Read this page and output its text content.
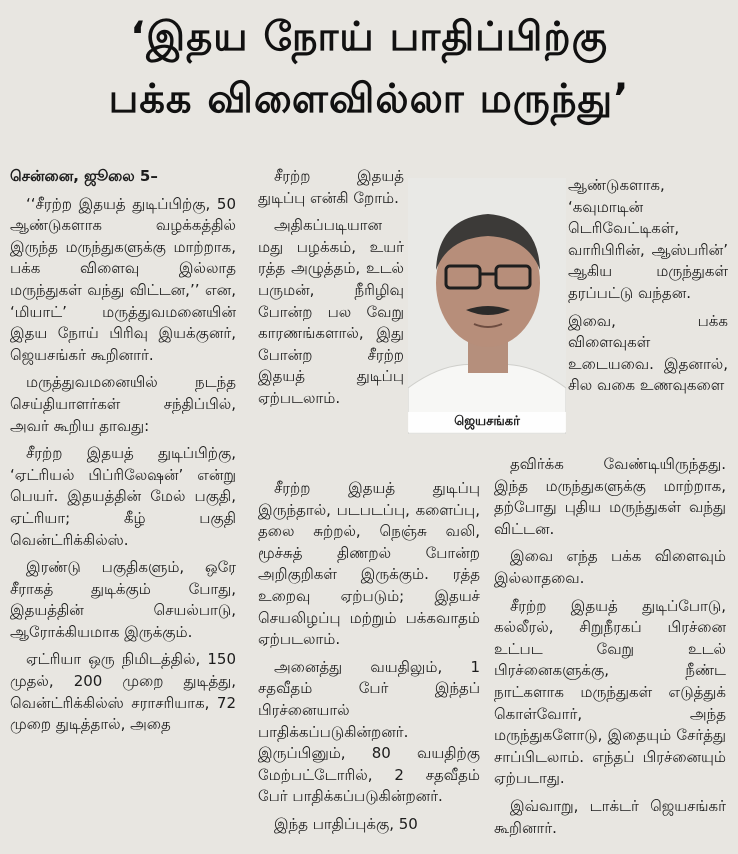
‘இதய நோய் பாதிப்பிற்கு
பக்க விளைவில்லா மருந்து’

சென்னை, ஜூலை 5–

‘‘சீரற்ற இதயத் துடிப்பிற்கு, 50 ஆண்டுகளாக வழக்கத்தில் இருந்த மருந்துகளுக்கு மாற்றாக, பக்க விளைவு இல்லாத மருந்துகள் வந்து விட்டன,’’ என, ‘மியாட்’ மருத்துவமனையின் இதய நோய் பிரிவு இயக்குனர், ஜெயசங்கர் கூறினார்.

மருத்துவமனையில் நடந்த செய்தியாளர்கள் சந்திப்பில், அவர் கூறிய தாவது:

சீரற்ற இதயத் துடிப்பிற்கு, ‘ஏட்ரியல் பிப்ரிலேஷன்’ என்று பெயர். இதயத்தின் மேல் பகுதி, ஏட்ரியா; கீழ் பகுதி வென்ட்ரிக்கில்ஸ்.

இரண்டு பகுதிகளும், ஒரே சீராகத் துடிக்கும் போது, இதயத்தின் செயல்பாடு, ஆரோக்கியமாக இருக்கும்.

ஏட்ரியா ஒரு நிமிடத்தில், 150 முதல், 200 முறை துடித்து, வென்ட்ரிக்கில்ஸ் சராசரியாக, 72 முறை துடித்தால், அதை

சீரற்ற இதயத் துடிப்பு என்கி றோம்.

அதிகப்படியான மது பழக்கம், உயர் ரத்த அழுத்தம், உடல் பருமன், நீரிழிவு போன்ற பல வேறு காரணங்களால், இது போன்ற சீரற்ற இதயத் துடிப்பு ஏற்படலாம்.

சீரற்ற இதயத் துடிப்பு இருந்தால், படபடப்பு, களைப்பு, தலை சுற்றல், நெஞ்சு வலி, மூச்சுத் திணறல் போன்ற அறிகுறிகள் இருக்கும். ரத்த உறைவு ஏற்படும்; இதயச் செயலிழப்பு மற்றும் பக்கவாதம் ஏற்படலாம்.

அனைத்து வயதிலும், 1 சதவீதம் பேர் இந்தப் பிரச்னையால் பாதிக்கப்படுகின்றனர். இருப்பினும், 80 வயதிற்கு மேற்பட்டோரில், 2 சதவீதம் பேர் பாதிக்கப்படுகின்றனர்.

இந்த பாதிப்புக்கு, 50

ஜெயசங்கர்

ஆண்டுகளாக, ‘கவுமாடின் டெரிவேட்டிகள், வாரிபிரின், ஆஸ்பரின்’ ஆகிய மருந்துகள் தரப்பட்டு வந்தன.

இவை, பக்க விளைவுகள் உடையவை. இதனால், சில வகை உணவுகளை

தவிர்க்க வேண்டியிருந்தது. இந்த மருந்துகளுக்கு மாற்றாக, தற்போது புதிய மருந்துகள் வந்து விட்டன.

இவை எந்த பக்க விளைவும் இல்லாதவை.

சீரற்ற இதயத் துடிப்போடு, கல்லீரல், சிறுநீரகப் பிரச்னை உட்பட வேறு உடல் பிரச்னைகளுக்கு, நீண்ட நாட்களாக மருந்துகள் எடுத்துக் கொள்வோர், அந்த மருந்துகளோடு, இதையும் சேர்த்து சாப்பிடலாம். எந்தப் பிரச்னையும் ஏற்படாது.

இவ்வாறு, டாக்டர் ஜெயசங்கர் கூறினார்.
